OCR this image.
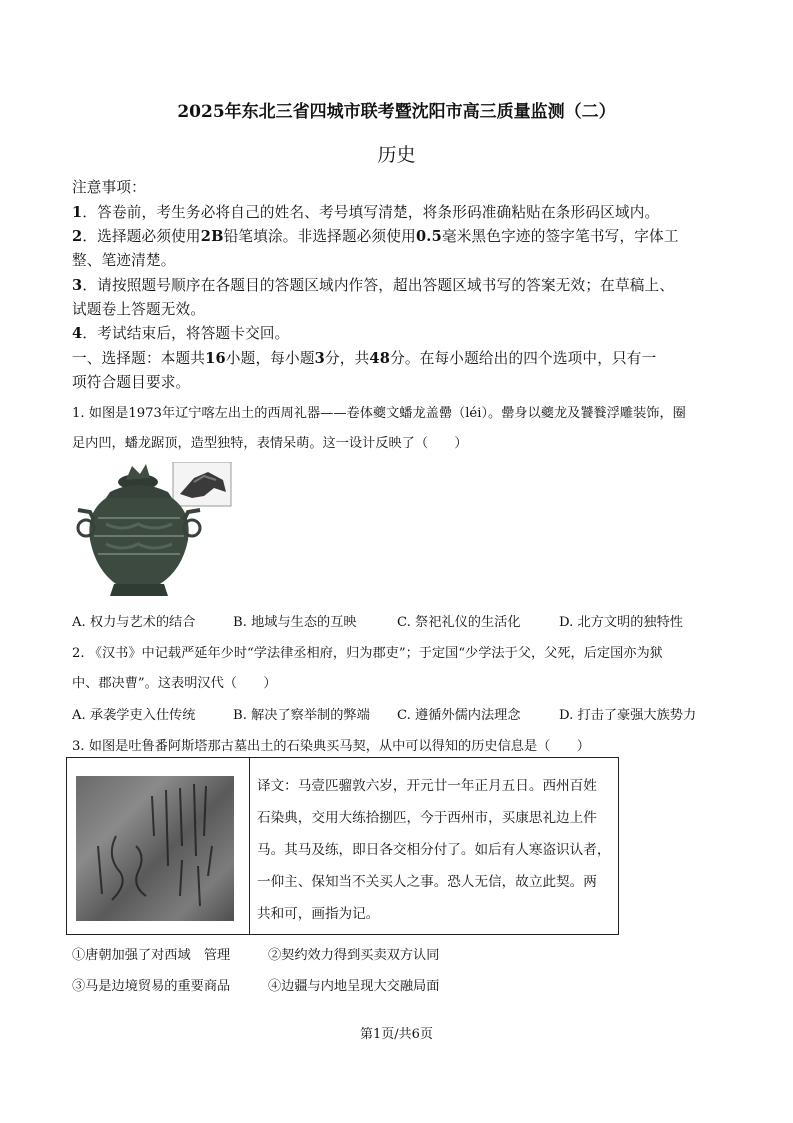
2025年东北三省四城市联考暨沈阳市高三质量监测（二）
历史
注意事项：
1．答卷前，考生务必将自己的姓名、考号填写清楚，将条形码准确粘贴在条形码区域内。
2．选择题必须使用2B铅笔填涂。非选择题必须使用0.5毫米黑色字迹的签字笔书写，字体工
整、笔迹清楚。
3．请按照题号顺序在各题目的答题区域内作答，超出答题区域书写的答案无效；在草稿上、
试题卷上答题无效。
4．考试结束后，将答题卡交回。
一、选择题：本题共16小题，每小题3分，共48分。在每小题给出的四个选项中，只有一
项符合题目要求。
1. 如图是1973年辽宁喀左出土的西周礼器——卷体夔文蟠龙盖罍（léi）。罍身以夔龙及饕餮浮雕装饰，圈
足内凹，蟠龙踞顶，造型独特，表情呆萌。这一设计反映了（　　）
A. 权力与艺术的结合	B. 地域与生态的互映	C. 祭祀礼仪的生活化	D. 北方文明的独特性
2. 《汉书》中记载严延年少时“学法律丞相府，归为郡吏”；于定国“少学法于父，父死，后定国亦为狱
中、郡决曹”。这表明汉代（　　）
A. 承袭学吏入仕传统	B. 解决了察举制的弊端 C. 遵循外儒内法理念	D. 打击了豪强大族势力
3. 如图是吐鲁番阿斯塔那古墓出土的石染典买马契，从中可以得知的历史信息是（　　）
译文：马壹匹骝敦六岁，开元廿一年正月五日。西州百姓
石染典，交用大练拾捌匹，今于西州市，买康思礼边上件
马。其马及练，即日各交相分付了。如后有人寒盗识认者，
一仰主、保知当不关买人之事。恐人无信，故立此契。两
共和可，画指为记。
①唐朝加强了对西域　管理	②契约效力得到买卖双方认同
③马是边境贸易的重要商品	④边疆与内地呈现大交融局面
第1页/共6页
